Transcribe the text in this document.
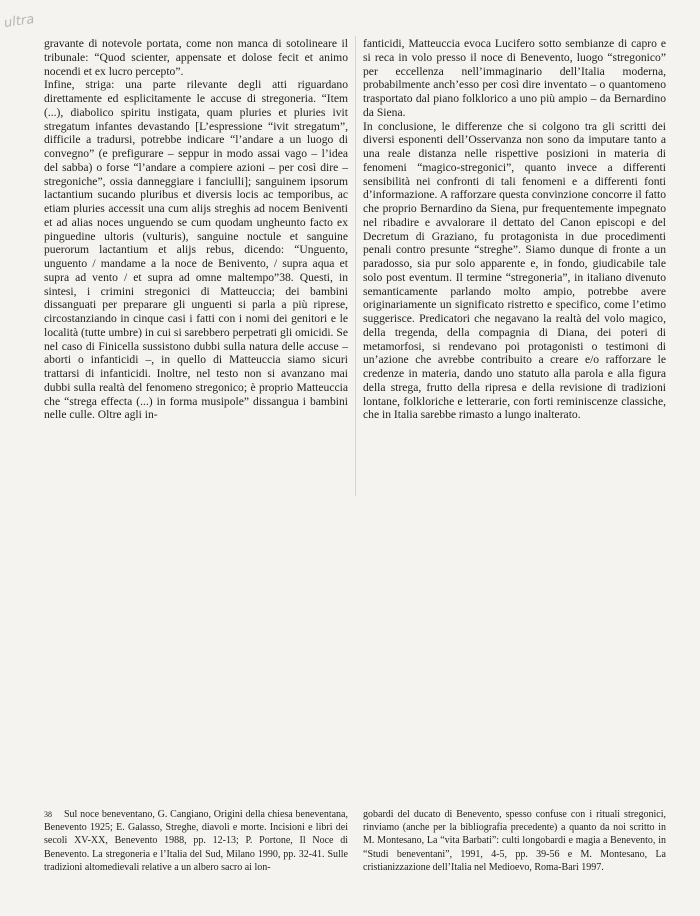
ultra

gravante di notevole portata, come non manca di sotolineare il tribunale: “Quod scienter, appensate et dolose fecit et animo nocendi et ex lucro percepto”.

Infine, striga: una parte rilevante degli atti riguardano direttamente ed esplicitamente le accuse di stregoneria. “Item (...), diabolico spiritu instigata, quam pluries et pluries ivit stregatum infantes devastando [L’espressione “ivit stregatum”, difficile a tradursi, potrebbe indicare “l’andare a un luogo di convegno” (e prefigurare – seppur in modo assai vago – l’idea del sabba) o forse “l’andare a compiere azioni – per così dire – stregoniche”, ossia danneggiare i fanciulli]; sanguinem ipsorum lactantium sucando pluribus et diversis locis ac temporibus, ac etiam pluries accessit una cum alijs streghis ad nocem Beniventi et ad alias noces unguendo se cum quodam ungheunto facto ex pinguedine ultoris (vulturis), sanguine noctule et sanguine puerorum lactantium et alijs rebus, dicendo: “Unguento, unguento / mandame a la noce de Benivento, / supra aqua et supra ad vento / et supra ad omne maltempo”38. Questi, in sintesi, i crimini stregonici di Matteuccia; dei bambini dissanguati per preparare gli unguenti si parla a più riprese, circostanziando in cinque casi i fatti con i nomi dei genitori e le località (tutte umbre) in cui si sarebbero perpetrati gli omicidi. Se nel caso di Finicella sussistono dubbi sulla natura delle accuse – aborti o infanticidi –, in quello di Matteuccia siamo sicuri trattarsi di infanticidi. Inoltre, nel testo non si avanzano mai dubbi sulla realtà del fenomeno stregonico; è proprio Matteuccia che “strega effecta (...) in forma musipole” dissangua i bambini nelle culle. Oltre agli in-

fanticidi, Matteuccia evoca Lucifero sotto sembianze di capro e si reca in volo presso il noce di Benevento, luogo “stregonico” per eccellenza nell’immaginario dell’Italia moderna, probabilmente anch’esso per così dire inventato – o quantomeno trasportato dal piano folklorico a uno più ampio – da Bernardino da Siena.

In conclusione, le differenze che si colgono tra gli scritti dei diversi esponenti dell’Osservanza non sono da imputare tanto a una reale distanza nelle rispettive posizioni in materia di fenomeni “magico-stregonici”, quanto invece a differenti sensibilità nei confronti di tali fenomeni e a differenti fonti d’informazione. A rafforzare questa convinzione concorre il fatto che proprio Bernardino da Siena, pur frequentemente impegnato nel ribadire e avvalorare il dettato del Canon episcopi e del Decretum di Graziano, fu protagonista in due procedimenti penali contro presunte “streghe”. Siamo dunque di fronte a un paradosso, sia pur solo apparente e, in fondo, giudicabile tale solo post eventum. Il termine “stregoneria”, in italiano divenuto semanticamente parlando molto ampio, potrebbe avere originariamente un significato ristretto e specifico, come l’etimo suggerisce. Predicatori che negavano la realtà del volo magico, della tregenda, della compagnia di Diana, dei poteri di metamorfosi, si rendevano poi protagonisti o testimoni di un’azione che avrebbe contribuito a creare e/o rafforzare le credenze in materia, dando uno statuto alla parola e alla figura della strega, frutto della ripresa e della revisione di tradizioni lontane, folkloriche e letterarie, con forti reminiscenze classiche, che in Italia sarebbe rimasto a lungo inalterato.

$^{38}$ Sul noce beneventano, G. Cangiano, Origini della chiesa beneventana, Benevento 1925; E. Galasso, Streghe, diavoli e morte. Incisioni e libri dei secoli XV-XX, Benevento 1988, pp. 12-13; P. Portone, Il Noce di Benevento. La stregoneria e l’Italia del Sud, Milano 1990, pp. 32-41. Sulle tradizioni altomedievali relative a un albero sacro ai lon-

gobardi del ducato di Benevento, spesso confuse con i rituali stregonici, rinviamo (anche per la bibliografia precedente) a quanto da noi scritto in M. Montesano, La “vita Barbati”: culti longobardi e magia a Benevento, in “Studi beneventani”, 1991, 4-5, pp. 39-56 e M. Montesano, La cristianizzazione dell’Italia nel Medioevo, Roma-Bari 1997.
